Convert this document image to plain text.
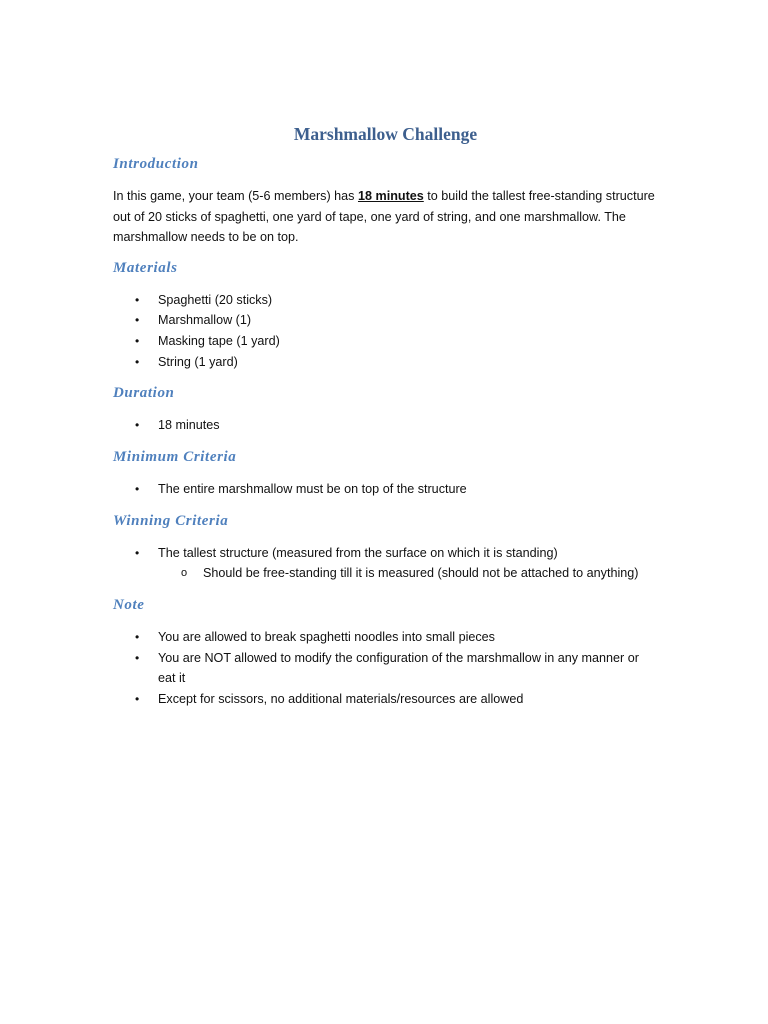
Marshmallow Challenge
Introduction

In this game, your team (5-6 members) has 18 minutes to build the tallest free-standing structure out of 20 sticks of spaghetti, one yard of tape, one yard of string, and one marshmallow. The marshmallow needs to be on top.

Materials
• Spaghetti (20 sticks)
• Marshmallow (1)
• Masking tape (1 yard)
• String (1 yard)
Duration
• 18 minutes
Minimum Criteria
• The entire marshmallow must be on top of the structure
Winning Criteria
• The tallest structure (measured from the surface on which it is standing)
o Should be free-standing till it is measured (should not be attached to anything)
Note
• You are allowed to break spaghetti noodles into small pieces
• You are NOT allowed to modify the configuration of the marshmallow in any manner or eat it
• Except for scissors, no additional materials/resources are allowed
